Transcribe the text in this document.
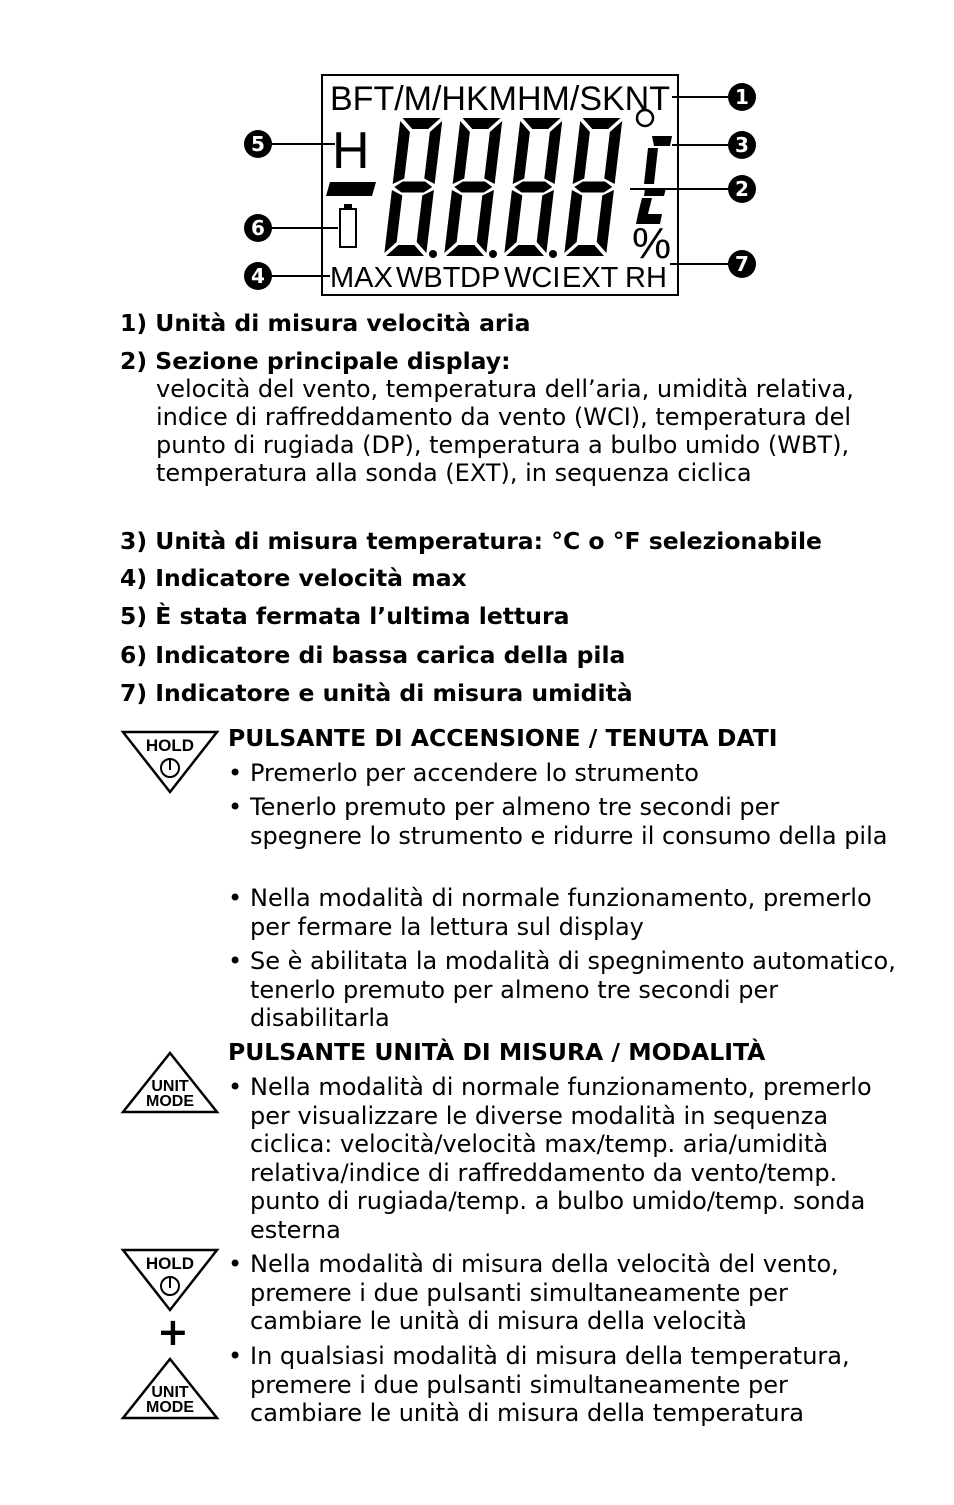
BFT/M/HKMHM/SKNT
H
%
MAX WBT DP WCI EXT RH
1
2
3
4
5
6
7
1) Unità di misura velocità aria
2) Sezione principale display:
velocità del vento, temperatura dell’aria, umidità relativa, indice di raffreddamento da vento (WCI), temperatura del punto di rugiada (DP), temperatura a bulbo umido (WBT), temperatura alla sonda (EXT), in sequenza ciclica
3) Unità di misura temperatura: °C o °F selezionabile
4) Indicatore velocità max
5) È stata fermata l’ultima lettura
6) Indicatore di bassa carica della pila
7) Indicatore e unità di misura umidità
HOLD PULSANTE DI ACCENSIONE / TENUTA DATI
• Premerlo per accendere lo strumento
• Tenerlo premuto per almeno tre secondi per spegnere lo strumento e ridurre il consumo della pila
• Nella modalità di normale funzionamento, premerlo per fermare la lettura sul display
• Se è abilitata la modalità di spegnimento automatico, tenerlo premuto per almeno tre secondi per disabilitarla
UNIT
MODE
PULSANTE UNITÀ DI MISURA / MODALITÀ
• Nella modalità di normale funzionamento, premerlo per visualizzare le diverse modalità in sequenza ciclica: velocità/velocità max/temp. aria/umidità relativa/indice di raffreddamento da vento/temp. punto di rugiada/temp. a bulbo umido/temp. sonda esterna
HOLD
+
UNIT
MODE
• Nella modalità di misura della velocità del vento, premere i due pulsanti simultaneamente per cambiare le unità di misura della velocità
• In qualsiasi modalità di misura della temperatura, premere i due pulsanti simultaneamente per cambiare le unità di misura della temperatura
